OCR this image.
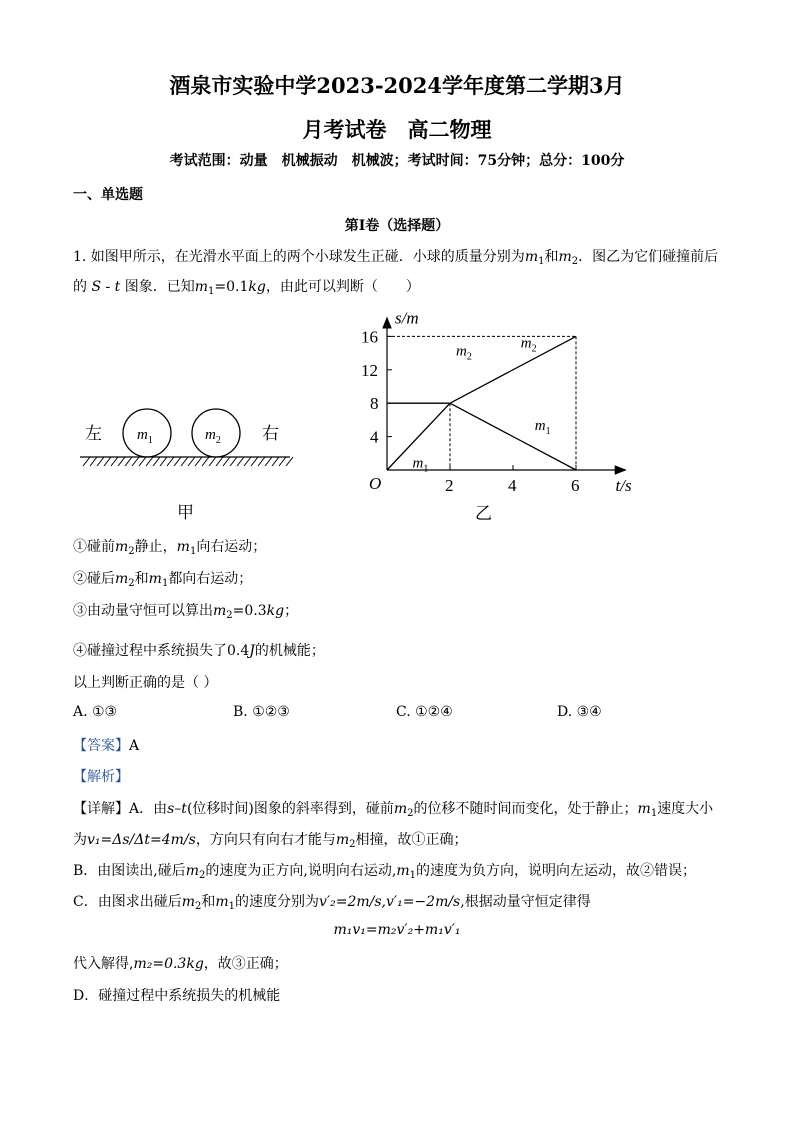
酒泉市实验中学2023-2024学年度第二学期3月
月考试卷　高二物理
考试范围：动量　机械振动　机械波；考试时间：75分钟；总分：100分
一、单选题
第I卷（选择题）
1. 如图甲所示，在光滑水平面上的两个小球发生正碰．小球的质量分别为$m_1$和$m_2$．图乙为它们碰撞前后
的 S - t 图象．已知$m_1=0.1kg$，由此可以判断（　　）
左	右
$m_1$	$m_2$
甲
2	4	6
4
8
12
16
$m_2$
$m_1$
$m_2$
$m_1$
s/m
t/s
O
乙
①碰前$m_2$静止，$m_1$向右运动；
②碰后$m_2$和$m_1$都向右运动；
③由动量守恒可以算出$m_2=0.3kg$；
④碰撞过程中系统损失了0.4J的机械能；
以上判断正确的是（ ）
A. ①③	B. ①②③	C. ①②④	D. ③④
【答案】A
【解析】
【详解】A．由s–t(位移时间)图象的斜率得到，碰前$m_2$的位移不随时间而变化，处于静止；$m_1$速度大小
为v₁=Δs/Δt=4m/s，方向只有向右才能与$m_2$相撞，故①正确；
B．由图读出,碰后$m_2$的速度为正方向,说明向右运动$,m_1$的速度为负方向，说明向左运动，故②错误；
C．由图求出碰后$m_2$和$m_1$的速度分别为v′₂=2m/s,v′₁=−2m/s,根据动量守恒定律得
m₁v₁=m₂v′₂+m₁v′₁
代入解得,m₂=0.3kg，故③正确；
D．碰撞过程中系统损失的机械能
